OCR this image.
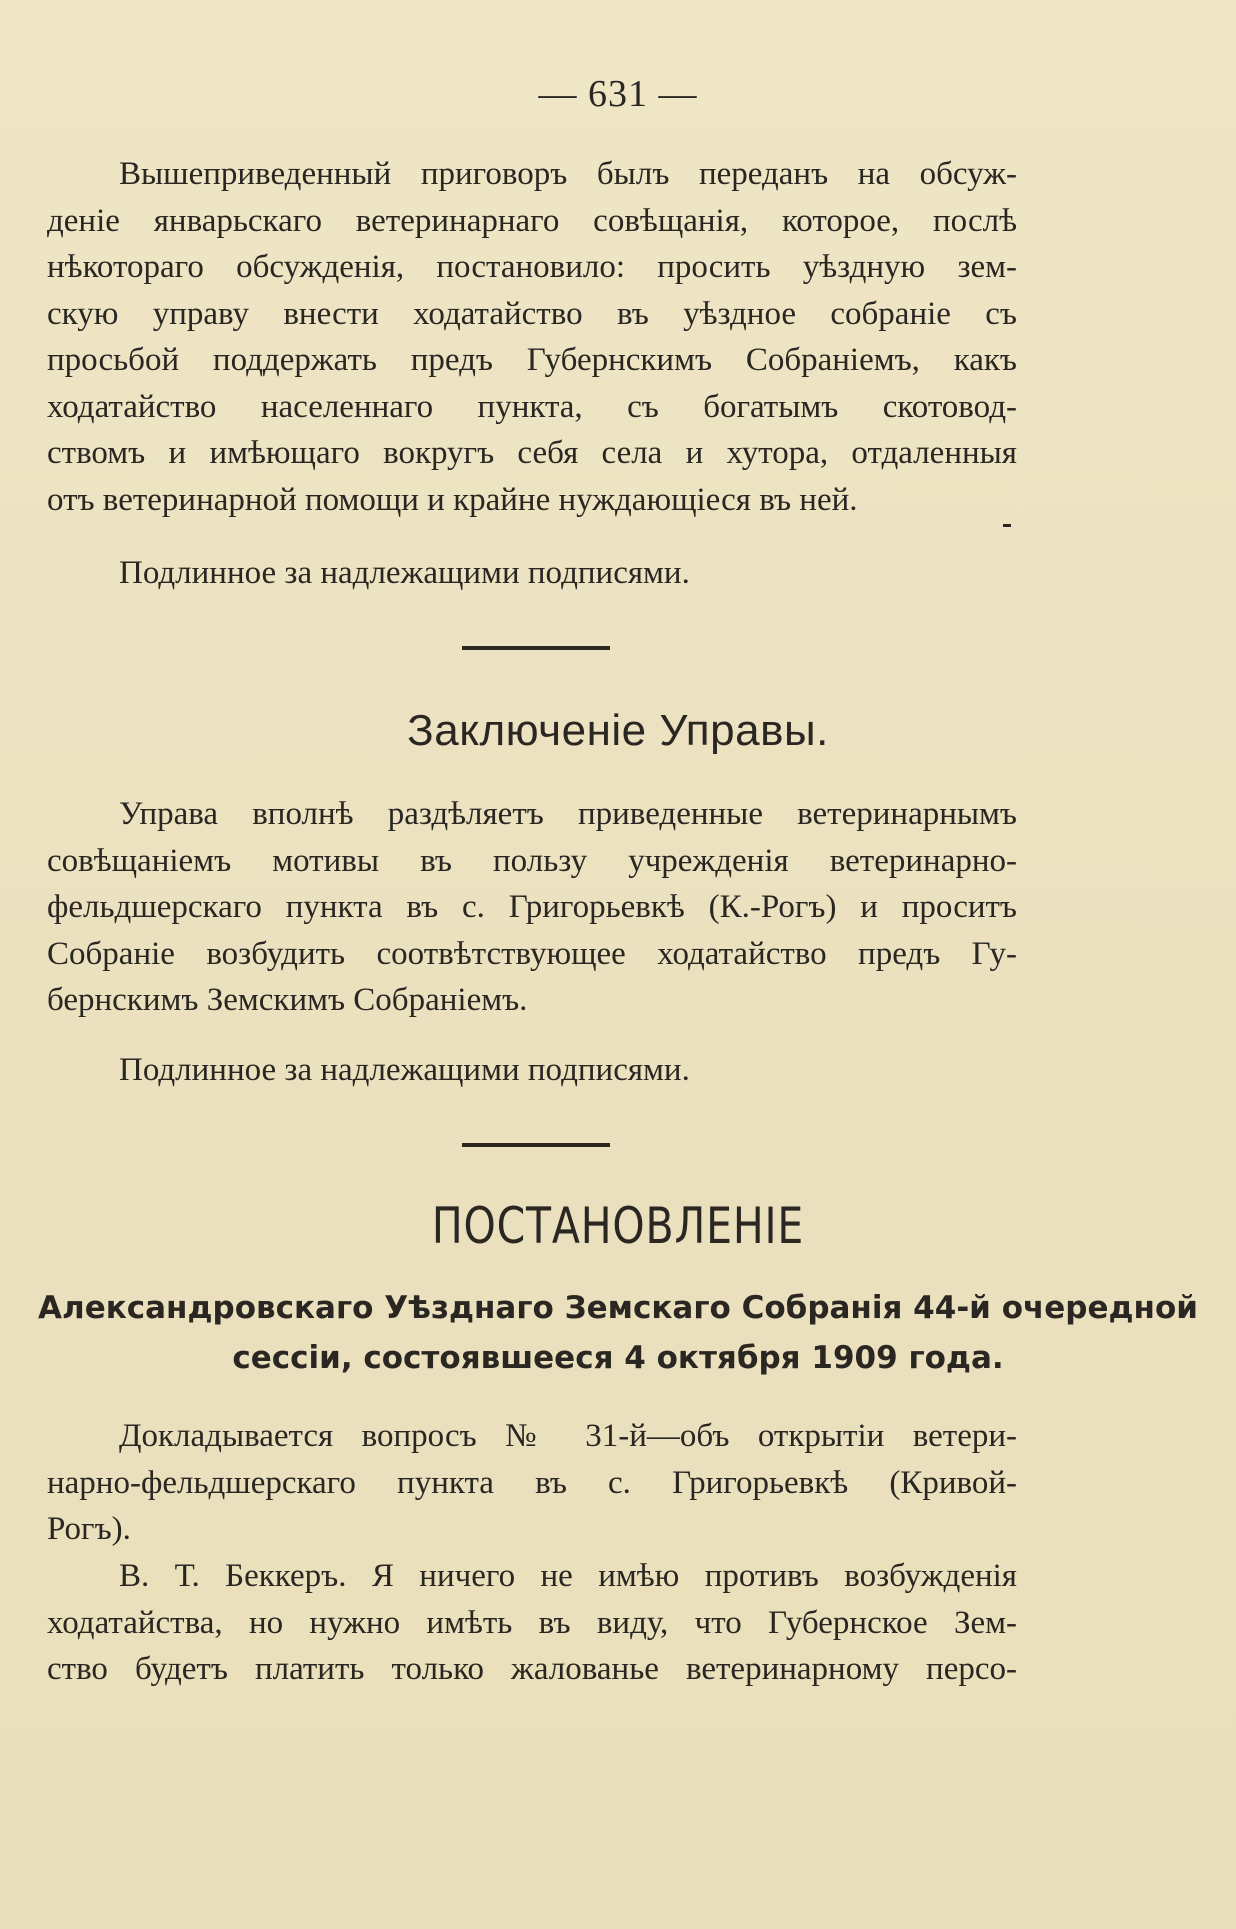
— 631 —
Вышеприведенный приговоръ былъ переданъ на обсуж-
деніе январьскаго ветеринарнаго совѣщанія, которое, послѣ
нѣкотораго обсужденія, постановило: просить уѣздную зем-
скую управу внести ходатайство въ уѣздное собраніе съ
просьбой поддержать предъ Губернскимъ Собраніемъ, какъ
ходатайство населеннаго пункта, съ богатымъ скотовод-
ствомъ и имѣющаго вокругъ себя села и хутора, отдаленныя
отъ ветеринарной помощи и крайне нуждающіеся въ ней.
Подлинное за надлежащими подписями.
Заключеніе Управы.
Управа вполнѣ раздѣляетъ приведенные ветеринарнымъ
совѣщаніемъ мотивы въ пользу учрежденія ветеринарно-
фельдшерскаго пункта въ с. Григорьевкѣ (К.-Рогъ) и проситъ
Собраніе возбудить соотвѣтствующее ходатайство предъ Гу-
бернскимъ Земскимъ Собраніемъ.
Подлинное за надлежащими подписями.
ПОСТАНОВЛЕНІЕ
Александровскаго Уѣзднаго Земскаго Собранія 44-й очередной
сессіи, состоявшееся 4 октября 1909 года.
Докладывается вопросъ № 31-й—объ открытіи ветери-
нарно-фельдшерскаго пункта въ с. Григорьевкѣ (Кривой-
Рогъ).
В. Т. Беккеръ. Я ничего не имѣю противъ возбужденія
ходатайства, но нужно имѣть въ виду, что Губернское Зем-
ство будетъ платить только жалованье ветеринарному персо-
